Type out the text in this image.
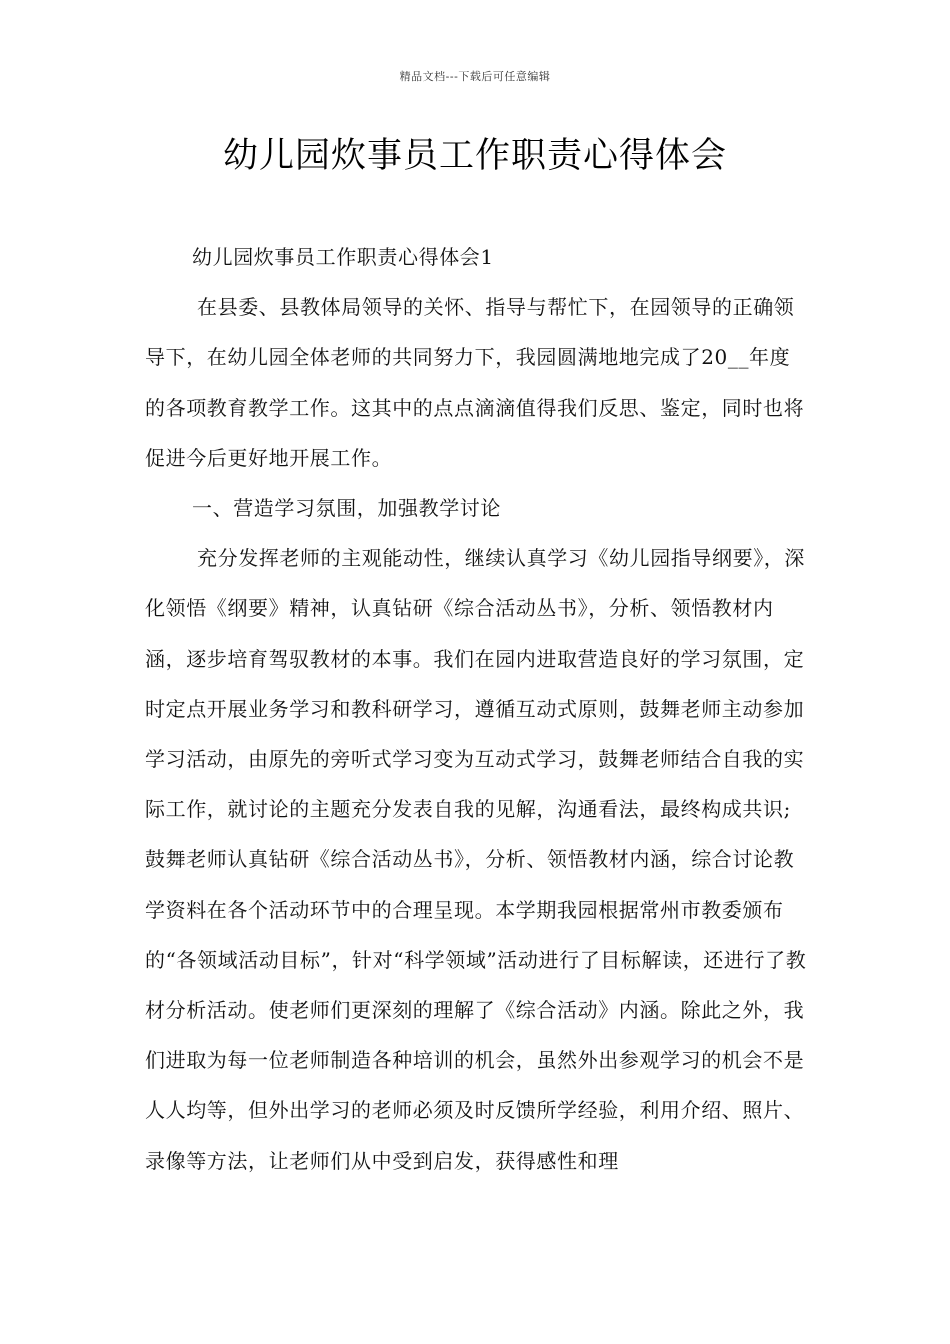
精品文档---下载后可任意编辑
幼儿园炊事员工作职责心得体会

幼儿园炊事员工作职责心得体会1

在县委、县教体局领导的关怀、指导与帮忙下，在园领导的正确领导下，在幼儿园全体老师的共同努力下，我园圆满地地完成了20__年度的各项教育教学工作。这其中的点点滴滴值得我们反思、鉴定，同时也将促进今后更好地开展工作。

一、营造学习氛围，加强教学讨论

充分发挥老师的主观能动性，继续认真学习《幼儿园指导纲要》，深化领悟《纲要》精神，认真钻研《综合活动丛书》，分析、领悟教材内涵，逐步培育驾驭教材的本事。我们在园内进取营造良好的学习氛围，定时定点开展业务学习和教科研学习，遵循互动式原则，鼓舞老师主动参加学习活动，由原先的旁听式学习变为互动式学习，鼓舞老师结合自我的实际工作，就讨论的主题充分发表自我的见解，沟通看法，最终构成共识;鼓舞老师认真钻研《综合活动丛书》，分析、领悟教材内涵，综合讨论教学资料在各个活动环节中的合理呈现。本学期我园根据常州市教委颁布的“各领域活动目标”，针对“科学领域”活动进行了目标解读，还进行了教材分析活动。使老师们更深刻的理解了《综合活动》内涵。除此之外，我们进取为每一位老师制造各种培训的机会，虽然外出参观学习的机会不是人人均等，但外出学习的老师必须及时反馈所学经验，利用介绍、照片、录像等方法，让老师们从中受到启发，获得感性和理
